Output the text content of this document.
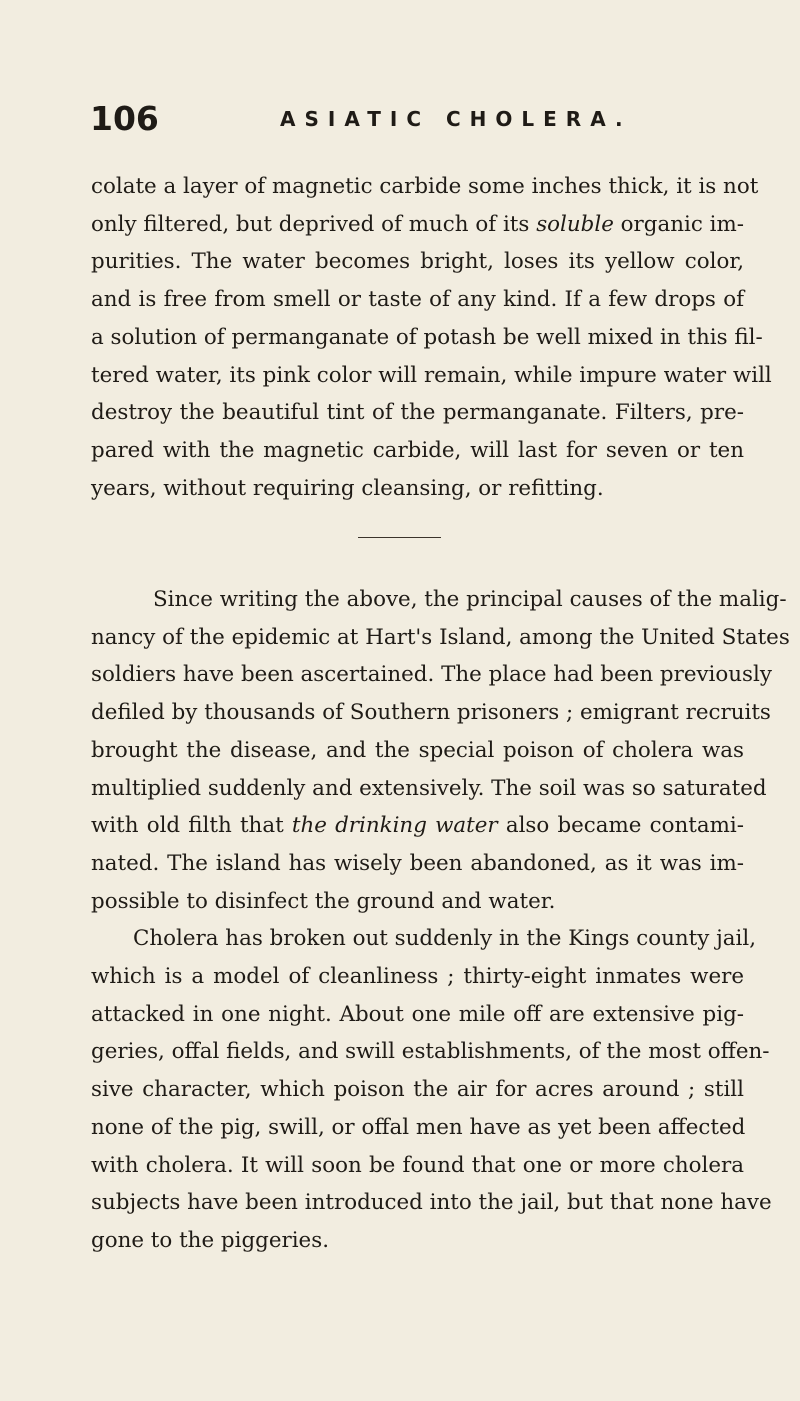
106	ASIATIC CHOLERA.
colate a layer of magnetic carbide some inches thick, it is not
only filtered, but deprived of much of its soluble organic im-
purities. The water becomes bright, loses its yellow color,
and is free from smell or taste of any kind. If a few drops of
a solution of permanganate of potash be well mixed in this fil-
tered water, its pink color will remain, while impure water will
destroy the beautiful tint of the permanganate. Filters, pre-
pared with the magnetic carbide, will last for seven or ten
years, without requiring cleansing, or refitting.
Since writing the above, the principal causes of the malig-
nancy of the epidemic at Hart's Island, among the United States
soldiers have been ascertained. The place had been previously
defiled by thousands of Southern prisoners ; emigrant recruits
brought the disease, and the special poison of cholera was
multiplied suddenly and extensively. The soil was so saturated
with old filth that the drinking water also became contami-
nated. The island has wisely been abandoned, as it was im-
possible to disinfect the ground and water.
Cholera has broken out suddenly in the Kings county jail,
which is a model of cleanliness ; thirty-eight inmates were
attacked in one night. About one mile off are extensive pig-
geries, offal fields, and swill establishments, of the most offen-
sive character, which poison the air for acres around ; still
none of the pig, swill, or offal men have as yet been affected
with cholera. It will soon be found that one or more cholera
subjects have been introduced into the jail, but that none have
gone to the piggeries.
